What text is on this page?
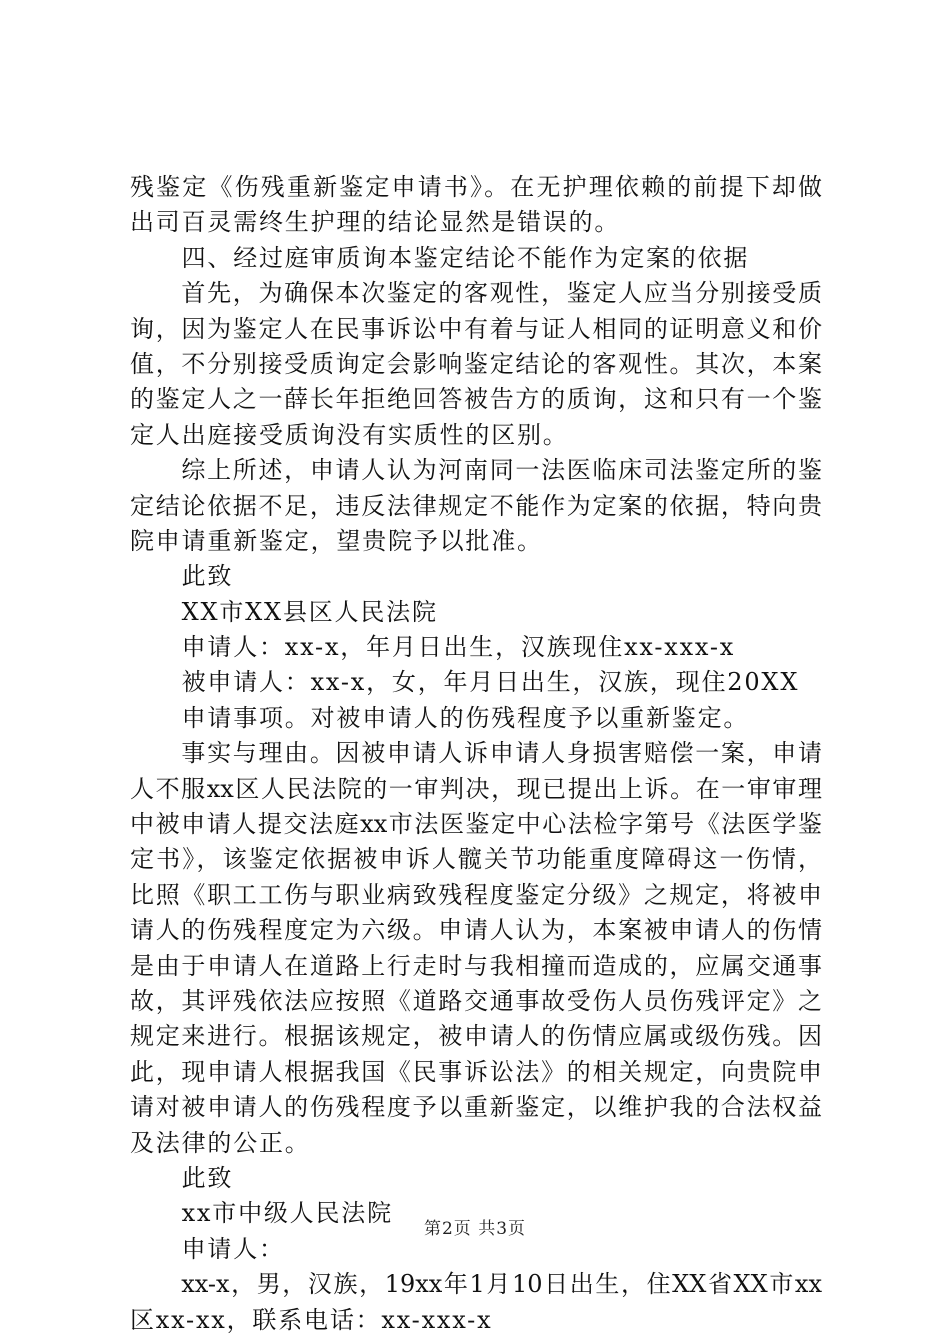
残鉴定《伤残重新鉴定申请书》。在无护理依赖的前提下却做
出司百灵需终生护理的结论显然是错误的。
　　四、经过庭审质询本鉴定结论不能作为定案的依据
　　首先，为确保本次鉴定的客观性，鉴定人应当分别接受质
询，因为鉴定人在民事诉讼中有着与证人相同的证明意义和价
值，不分别接受质询定会影响鉴定结论的客观性。其次，本案
的鉴定人之一薛长年拒绝回答被告方的质询，这和只有一个鉴
定人出庭接受质询没有实质性的区别。
　　综上所述，申请人认为河南同一法医临床司法鉴定所的鉴
定结论依据不足，违反法律规定不能作为定案的依据，特向贵
院申请重新鉴定，望贵院予以批准。
　　此致
　　XX市XX县区人民法院
　　申请人：xx-x，年月日出生，汉族现住xx-xxx-x
　　被申请人：xx-x，女，年月日出生，汉族，现住20XX
　　申请事项。对被申请人的伤残程度予以重新鉴定。
　　事实与理由。因被申请人诉申请人身损害赔偿一案，申请
人不服xx区人民法院的一审判决，现已提出上诉。在一审审理
中被申请人提交法庭xx市法医鉴定中心法检字第号《法医学鉴
定书》，该鉴定依据被申诉人髋关节功能重度障碍这一伤情，
比照《职工工伤与职业病致残程度鉴定分级》之规定，将被申
请人的伤残程度定为六级。申请人认为，本案被申请人的伤情
是由于申请人在道路上行走时与我相撞而造成的，应属交通事
故，其评残依法应按照《道路交通事故受伤人员伤残评定》之
规定来进行。根据该规定，被申请人的伤情应属或级伤残。因
此，现申请人根据我国《民事诉讼法》的相关规定，向贵院申
请对被申请人的伤残程度予以重新鉴定，以维护我的合法权益
及法律的公正。
　　此致
　　xx市中级人民法院
　　申请人：
　　xx-x，男，汉族，19xx年1月10日出生，住XX省XX市xx
区xx-xx，联系电话：xx-xxx-x
第2页 共3页
